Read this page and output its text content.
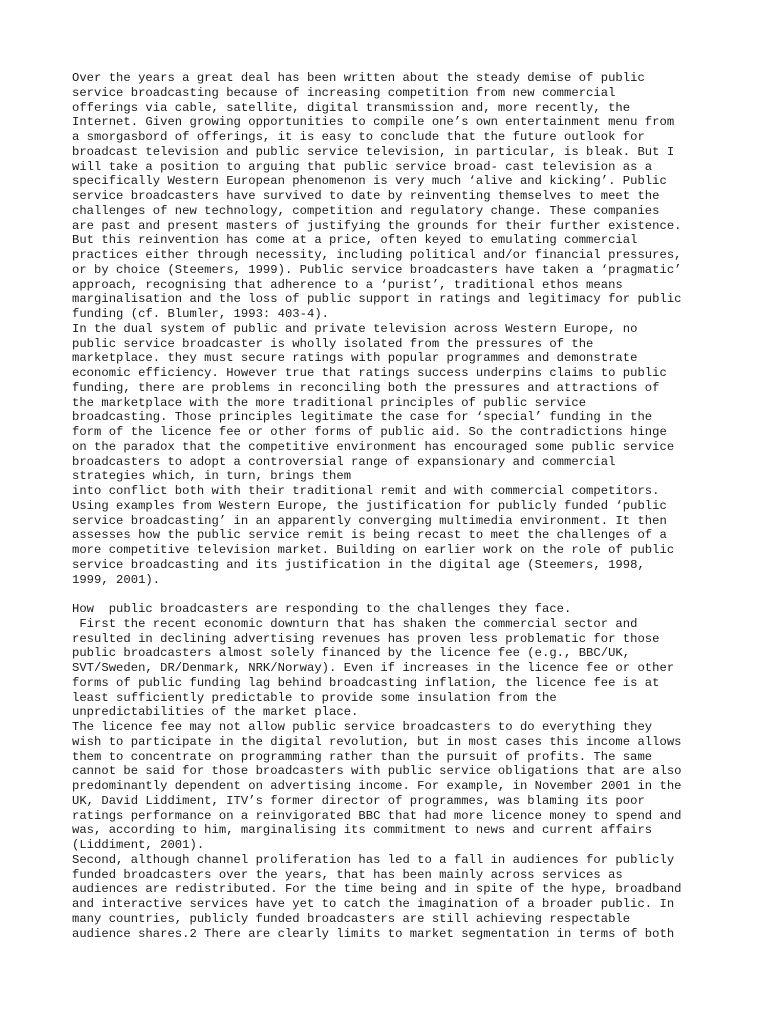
Over the years a great deal has been written about the steady demise of public
service broadcasting because of increasing competition from new commercial
offerings via cable, satellite, digital transmission and, more recently, the
Internet. Given growing opportunities to compile one’s own entertainment menu from
a smorgasbord of offerings, it is easy to conclude that the future outlook for
broadcast television and public service television, in particular, is bleak. But I
will take a position to arguing that public service broad- cast television as a
specifically Western European phenomenon is very much ‘alive and kicking’. Public
service broadcasters have survived to date by reinventing themselves to meet the
challenges of new technology, competition and regulatory change. These companies
are past and present masters of justifying the grounds for their further existence.
But this reinvention has come at a price, often keyed to emulating commercial
practices either through necessity, including political and/or financial pressures,
or by choice (Steemers, 1999). Public service broadcasters have taken a ‘pragmatic’
approach, recognising that adherence to a ‘purist’, traditional ethos means
marginalisation and the loss of public support in ratings and legitimacy for public
funding (cf. Blumler, 1993: 403-4).
In the dual system of public and private television across Western Europe, no
public service broadcaster is wholly isolated from the pressures of the
marketplace. they must secure ratings with popular programmes and demonstrate
economic efficiency. However true that ratings success underpins claims to public
funding, there are problems in reconciling both the pressures and attractions of
the marketplace with the more traditional principles of public service
broadcasting. Those principles legitimate the case for ‘special’ funding in the
form of the licence fee or other forms of public aid. So the contradictions hinge
on the paradox that the competitive environment has encouraged some public service
broadcasters to adopt a controversial range of expansionary and commercial
strategies which, in turn, brings them
into conflict both with their traditional remit and with commercial competitors.
Using examples from Western Europe, the justification for publicly funded ‘public
service broadcasting’ in an apparently converging multimedia environment. It then
assesses how the public service remit is being recast to meet the challenges of a
more competitive television market. Building on earlier work on the role of public
service broadcasting and its justification in the digital age (Steemers, 1998,
1999, 2001).
How  public broadcasters are responding to the challenges they face.
First the recent economic downturn that has shaken the commercial sector and
resulted in declining advertising revenues has proven less problematic for those
public broadcasters almost solely financed by the licence fee (e.g., BBC/UK,
SVT/Sweden, DR/Denmark, NRK/Norway). Even if increases in the licence fee or other
forms of public funding lag behind broadcasting inflation, the licence fee is at
least sufficiently predictable to provide some insulation from the
unpredictabilities of the market place.
The licence fee may not allow public service broadcasters to do everything they
wish to participate in the digital revolution, but in most cases this income allows
them to concentrate on programming rather than the pursuit of profits. The same
cannot be said for those broadcasters with public service obligations that are also
predominantly dependent on advertising income. For example, in November 2001 in the
UK, David Liddiment, ITV’s former director of programmes, was blaming its poor
ratings performance on a reinvigorated BBC that had more licence money to spend and
was, according to him, marginalising its commitment to news and current affairs
(Liddiment, 2001).
Second, although channel proliferation has led to a fall in audiences for publicly
funded broadcasters over the years, that has been mainly across services as
audiences are redistributed. For the time being and in spite of the hype, broadband
and interactive services have yet to catch the imagination of a broader public. In
many countries, publicly funded broadcasters are still achieving respectable
audience shares.2 There are clearly limits to market segmentation in terms of both
